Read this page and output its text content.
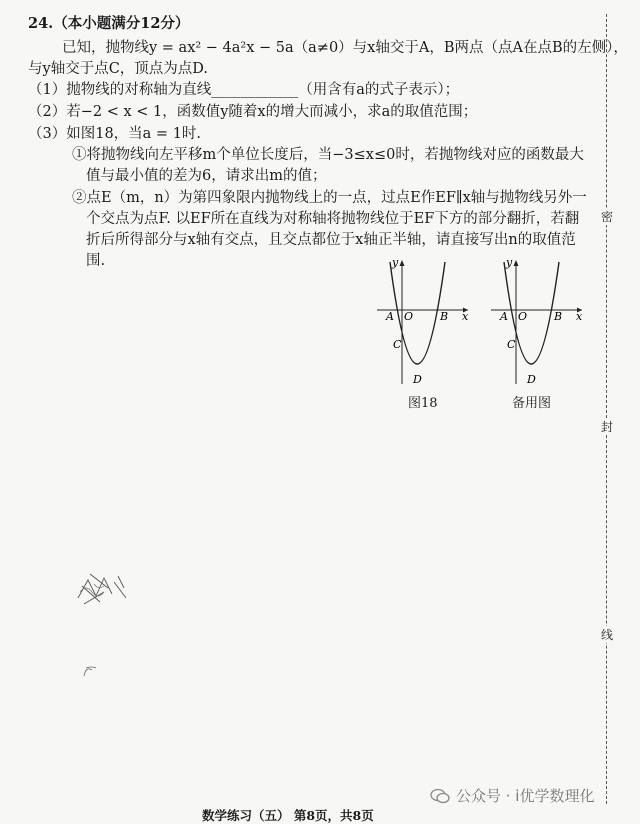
24.（本小题满分12分）
已知，抛物线y = ax² − 4a²x − 5a（a≠0）与x轴交于A，B两点（点A在点B的左侧），
与y轴交于点C，顶点为点D.
（1）抛物线的对称轴为直线____________（用含有a的式子表示）；
（2）若−2 < x < 1，函数值y随着x的增大而减小，求a的取值范围；
（3）如图18，当a = 1时.
①将抛物线向左平移m个单位长度后，当−3≤x≤0时，若抛物线对应的函数最大
值与最小值的差为6，请求出m的值；
②点E（m，n）为第四象限内抛物线上的一点，过点E作EF∥x轴与抛物线另外一
个交点为点F. 以EF所在直线为对称轴将抛物线位于EF下方的部分翻折，若翻
折后所得部分与x轴有交点，且交点都位于x轴正半轴，请直接写出n的取值范
围.
密
封
线
y
x
A O B
C
D
图18
y
x
A O B
C
D
备用图
公众号 · i优学数理化
数学练习（五） 第8页，共8页
